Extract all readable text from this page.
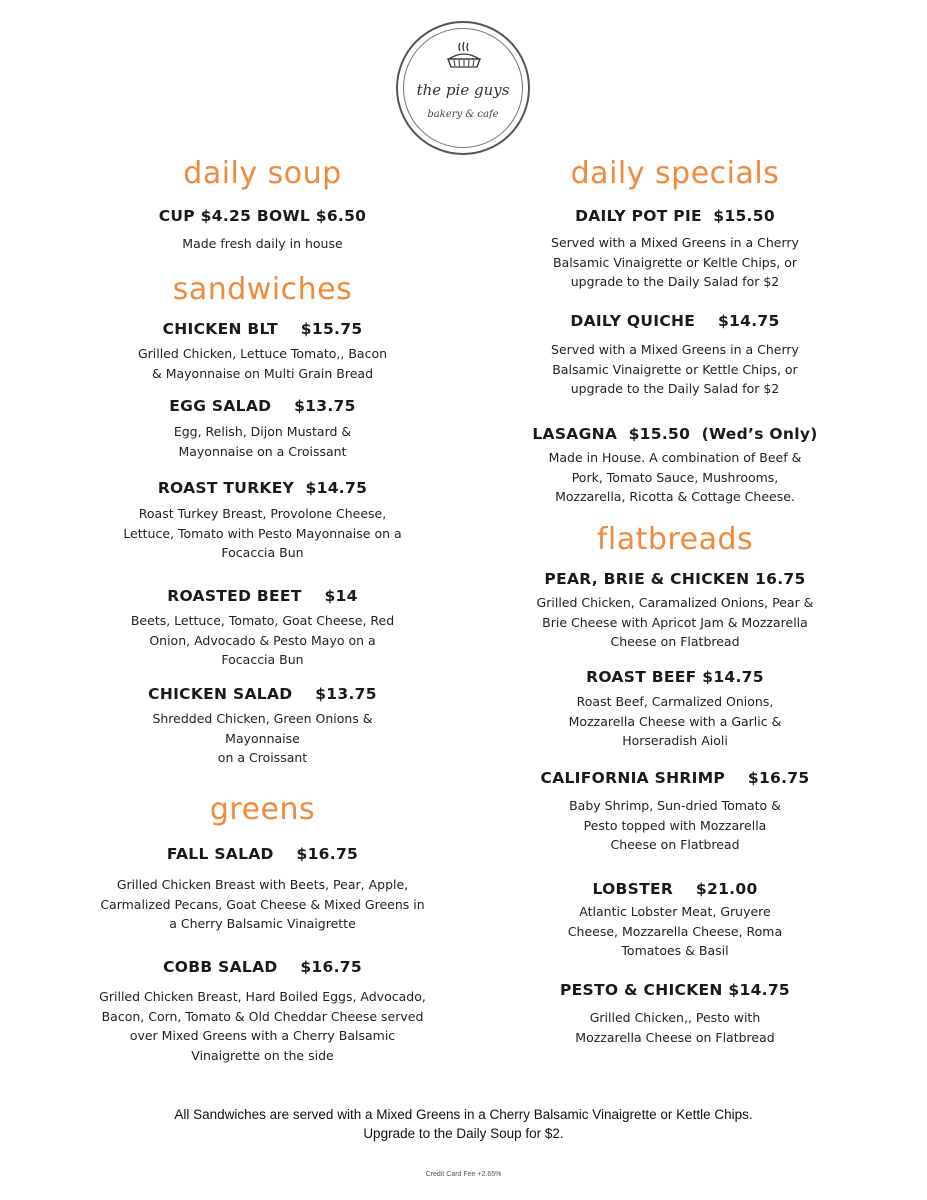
the pie guys
bakery & cafe
daily soup
CUP $4.25 BOWL $6.50
Made fresh daily in house
sandwiches
CHICKEN BLT    $15.75
Grilled Chicken, Lettuce Tomato,, Bacon
& Mayonnaise on Multi Grain Bread
EGG SALAD    $13.75
Egg, Relish, Dijon Mustard &
Mayonnaise on a Croissant
ROAST TURKEY  $14.75
Roast Turkey Breast, Provolone Cheese,
Lettuce, Tomato with Pesto Mayonnaise on a
Focaccia Bun
ROASTED BEET    $14
Beets, Lettuce, Tomato, Goat Cheese, Red
Onion, Advocado & Pesto Mayo on a
Focaccia Bun
CHICKEN SALAD    $13.75
Shredded Chicken, Green Onions &
Mayonnaise
on a Croissant
greens
FALL SALAD    $16.75
Grilled Chicken Breast with Beets, Pear, Apple,
Carmalized Pecans, Goat Cheese & Mixed Greens in
a Cherry Balsamic Vinaigrette
COBB SALAD    $16.75
Grilled Chicken Breast, Hard Boiled Eggs, Advocado,
Bacon, Corn, Tomato & Old Cheddar Cheese served
over Mixed Greens with a Cherry Balsamic
Vinaigrette on the side
daily specials
DAILY POT PIE  $15.50
Served with a Mixed Greens in a Cherry
Balsamic Vinaigrette or Keltle Chips, or
upgrade to the Daily Salad for $2
DAILY QUICHE    $14.75
Served with a Mixed Greens in a Cherry
Balsamic Vinaigrette or Kettle Chips, or
upgrade to the Daily Salad for $2
LASAGNA  $15.50  (Wed’s Only)
Made in House. A combination of Beef &
Pork, Tomato Sauce, Mushrooms,
Mozzarella, Ricotta & Cottage Cheese.
flatbreads
PEAR, BRIE & CHICKEN 16.75
Grilled Chicken, Caramalized Onions, Pear &
Brie Cheese with Apricot Jam & Mozzarella
Cheese on Flatbread
ROAST BEEF $14.75
Roast Beef, Carmalized Onions,
Mozzarella Cheese with a Garlic &
Horseradish Aioli
CALIFORNIA SHRIMP    $16.75
Baby Shrimp, Sun-dried Tomato &
Pesto topped with Mozzarella
Cheese on Flatbread
LOBSTER    $21.00
Atlantic Lobster Meat, Gruyere
Cheese, Mozzarella Cheese, Roma
Tomatoes & Basil
PESTO & CHICKEN $14.75
Grilled Chicken,, Pesto with
Mozzarella Cheese on Flatbread
All Sandwiches are served with a Mixed Greens in a Cherry Balsamic Vinaigrette or Kettle Chips.
Upgrade to the Daily Soup for $2.
Credit Card Fee +2.65%
